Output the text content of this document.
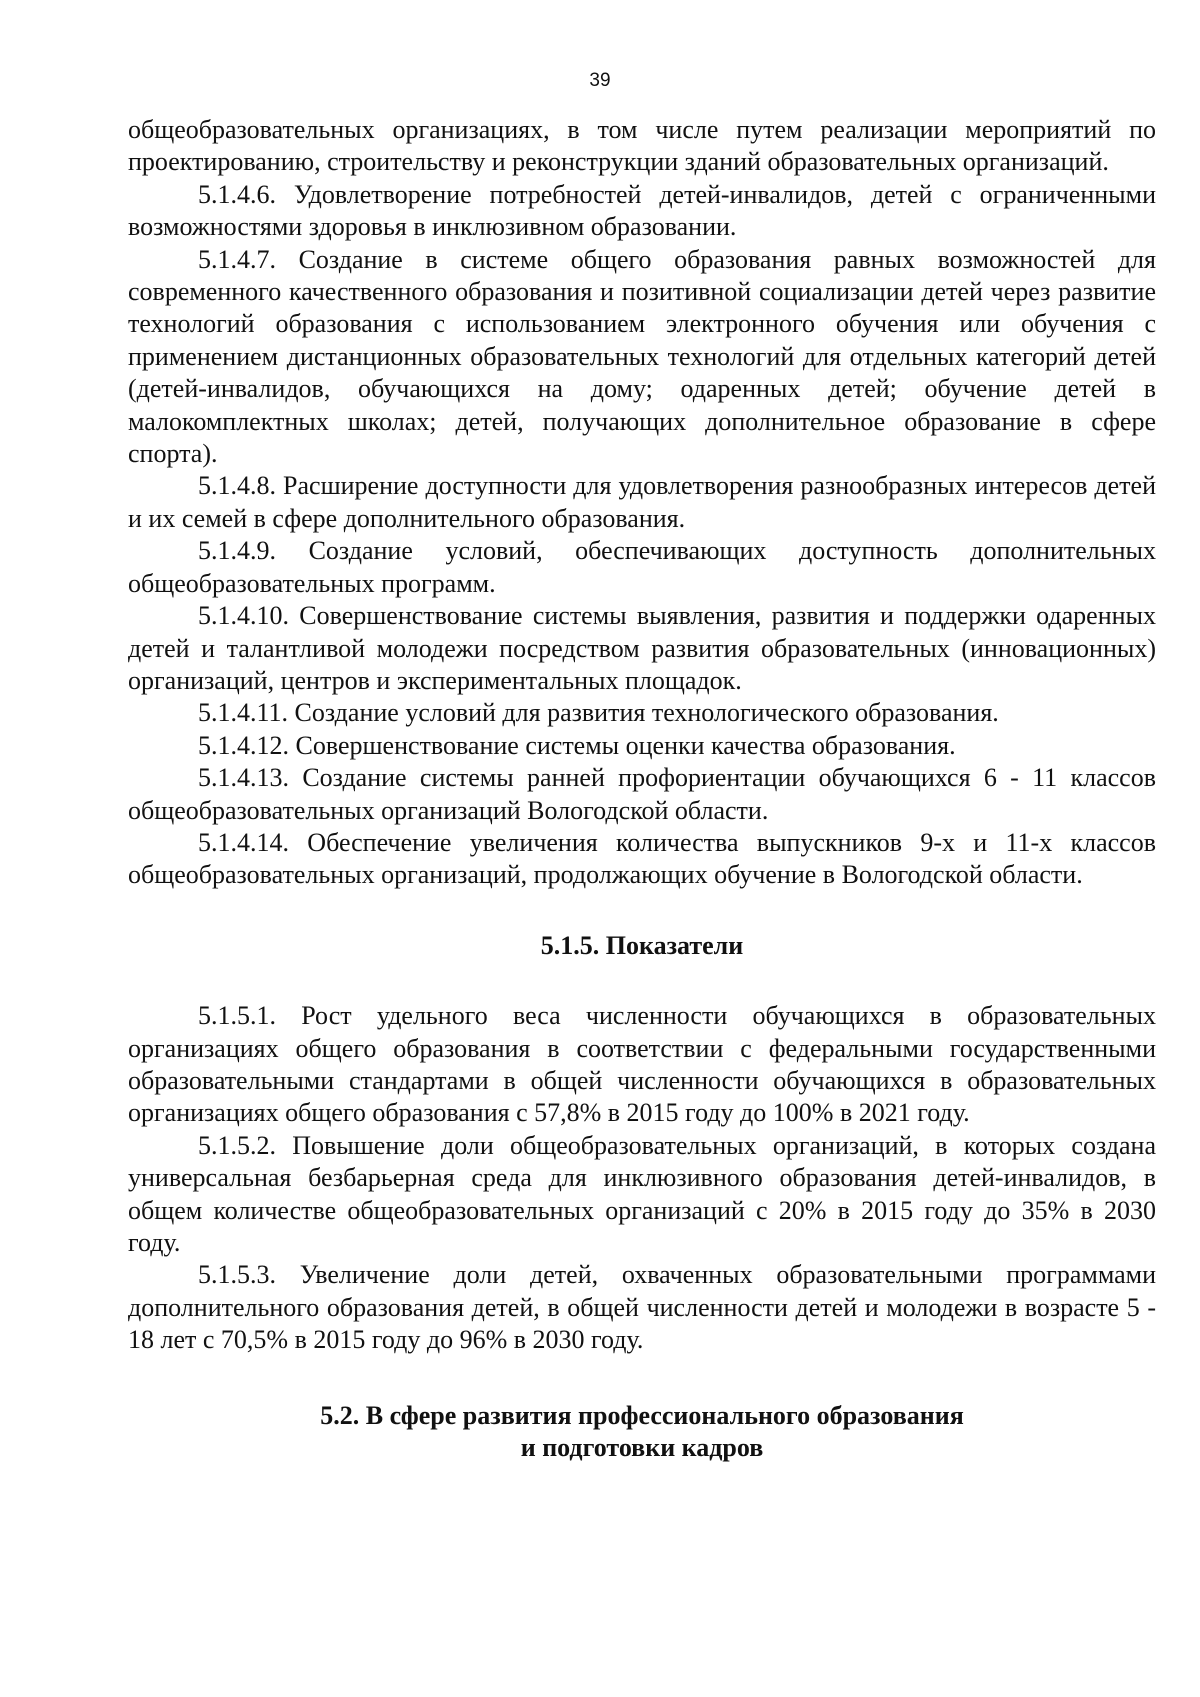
39

общеобразовательных организациях, в том числе путем реализации мероприятий по проектированию, строительству и реконструкции зданий образовательных организаций.

5.1.4.6. Удовлетворение потребностей детей-инвалидов, детей с ограниченными возможностями здоровья в инклюзивном образовании.

5.1.4.7. Создание в системе общего образования равных возможностей для современного качественного образования и позитивной социализации детей через развитие технологий образования с использованием электронного обучения или обучения с применением дистанционных образовательных технологий для отдельных категорий детей (детей-инвалидов, обучающихся на дому; одаренных детей; обучение детей в малокомплектных школах; детей, получающих дополнительное образование в сфере спорта).

5.1.4.8. Расширение доступности для удовлетворения разнообразных интересов детей и их семей в сфере дополнительного образования.

5.1.4.9. Создание условий, обеспечивающих доступность дополнительных общеобразовательных программ.

5.1.4.10. Совершенствование системы выявления, развития и поддержки одаренных детей и талантливой молодежи посредством развития образовательных (инновационных) организаций, центров и экспериментальных площадок.

5.1.4.11. Создание условий для развития технологического образования.

5.1.4.12. Совершенствование системы оценки качества образования.

5.1.4.13. Создание системы ранней профориентации обучающихся 6 - 11 классов общеобразовательных организаций Вологодской области.

5.1.4.14. Обеспечение увеличения количества выпускников 9-х и 11-х классов общеобразовательных организаций, продолжающих обучение в Вологодской области.

5.1.5. Показатели

5.1.5.1. Рост удельного веса численности обучающихся в образовательных организациях общего образования в соответствии с федеральными государственными образовательными стандартами в общей численности обучающихся в образовательных организациях общего образования с 57,8% в 2015 году до 100% в 2021 году.

5.1.5.2. Повышение доли общеобразовательных организаций, в которых создана универсальная безбарьерная среда для инклюзивного образования детей-инвалидов, в общем количестве общеобразовательных организаций с 20% в 2015 году до 35% в 2030 году.

5.1.5.3. Увеличение доли детей, охваченных образовательными программами дополнительного образования детей, в общей численности детей и молодежи в возрасте 5 - 18 лет с 70,5% в 2015 году до 96% в 2030 году.

5.2. В сфере развития профессионального образования
и подготовки кадров
